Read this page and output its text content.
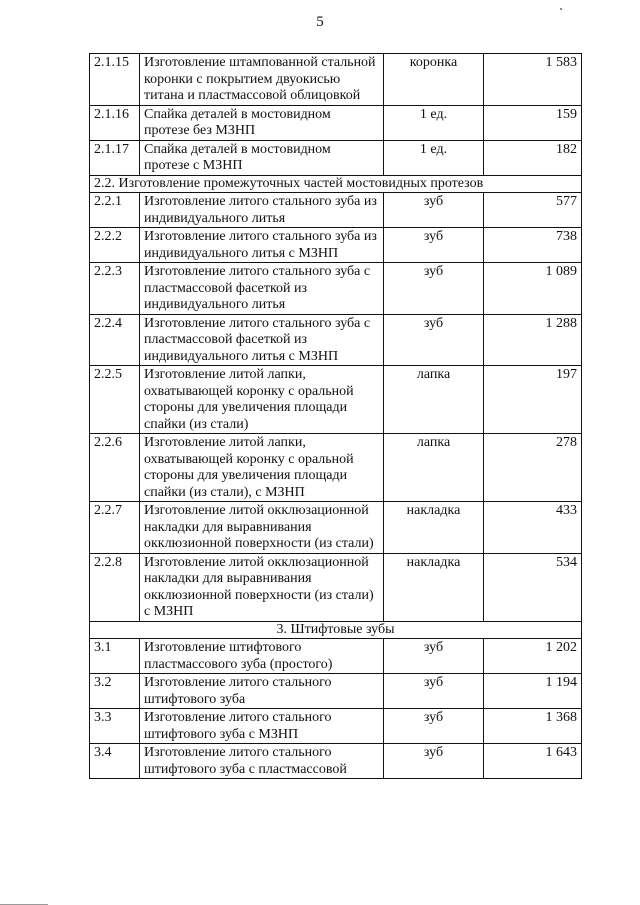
5
2.1.15	Изготовление штампованной стальной коронки с покрытием двуокисью титана и пластмассовой облицовкой	коронка	1 583
2.1.16	Спайка деталей в мостовидном протезе без МЗНП	1 ед.	159
2.1.17	Спайка деталей в мостовидном протезе с МЗНП	1 ед.	182
2.2. Изготовление промежуточных частей мостовидных протезов			
2.2.1	Изготовление литого стального зуба из индивидуального литья	зуб	577
2.2.2	Изготовление литого стального зуба из индивидуального литья с МЗНП	зуб	738
2.2.3	Изготовление литого стального зуба с пластмассовой фасеткой из индивидуального литья	зуб	1 089
2.2.4	Изготовление литого стального зуба с пластмассовой фасеткой из индивидуального литья с МЗНП	зуб	1 288
2.2.5	Изготовление литой лапки, охватывающей коронку с оральной стороны для увеличения площади спайки (из стали)	лапка	197
2.2.6	Изготовление литой лапки, охватывающей коронку с оральной стороны для увеличения площади спайки (из стали), с МЗНП	лапка	278
2.2.7	Изготовление литой окклюзационной накладки для выравнивания окклюзионной поверхности (из стали)	накладка	433
2.2.8	Изготовление литой окклюзационной накладки для выравнивания окклюзионной поверхности (из стали) с МЗНП	накладка	534
3. Штифтовые зубы			
3.1	Изготовление штифтового пластмассового зуба (простого)	зуб	1 202
3.2	Изготовление литого стального штифтового зуба	зуб	1 194
3.3	Изготовление литого стального штифтового зуба с МЗНП	зуб	1 368
3.4	Изготовление литого стального штифтового зуба с пластмассовой	зуб	1 643
